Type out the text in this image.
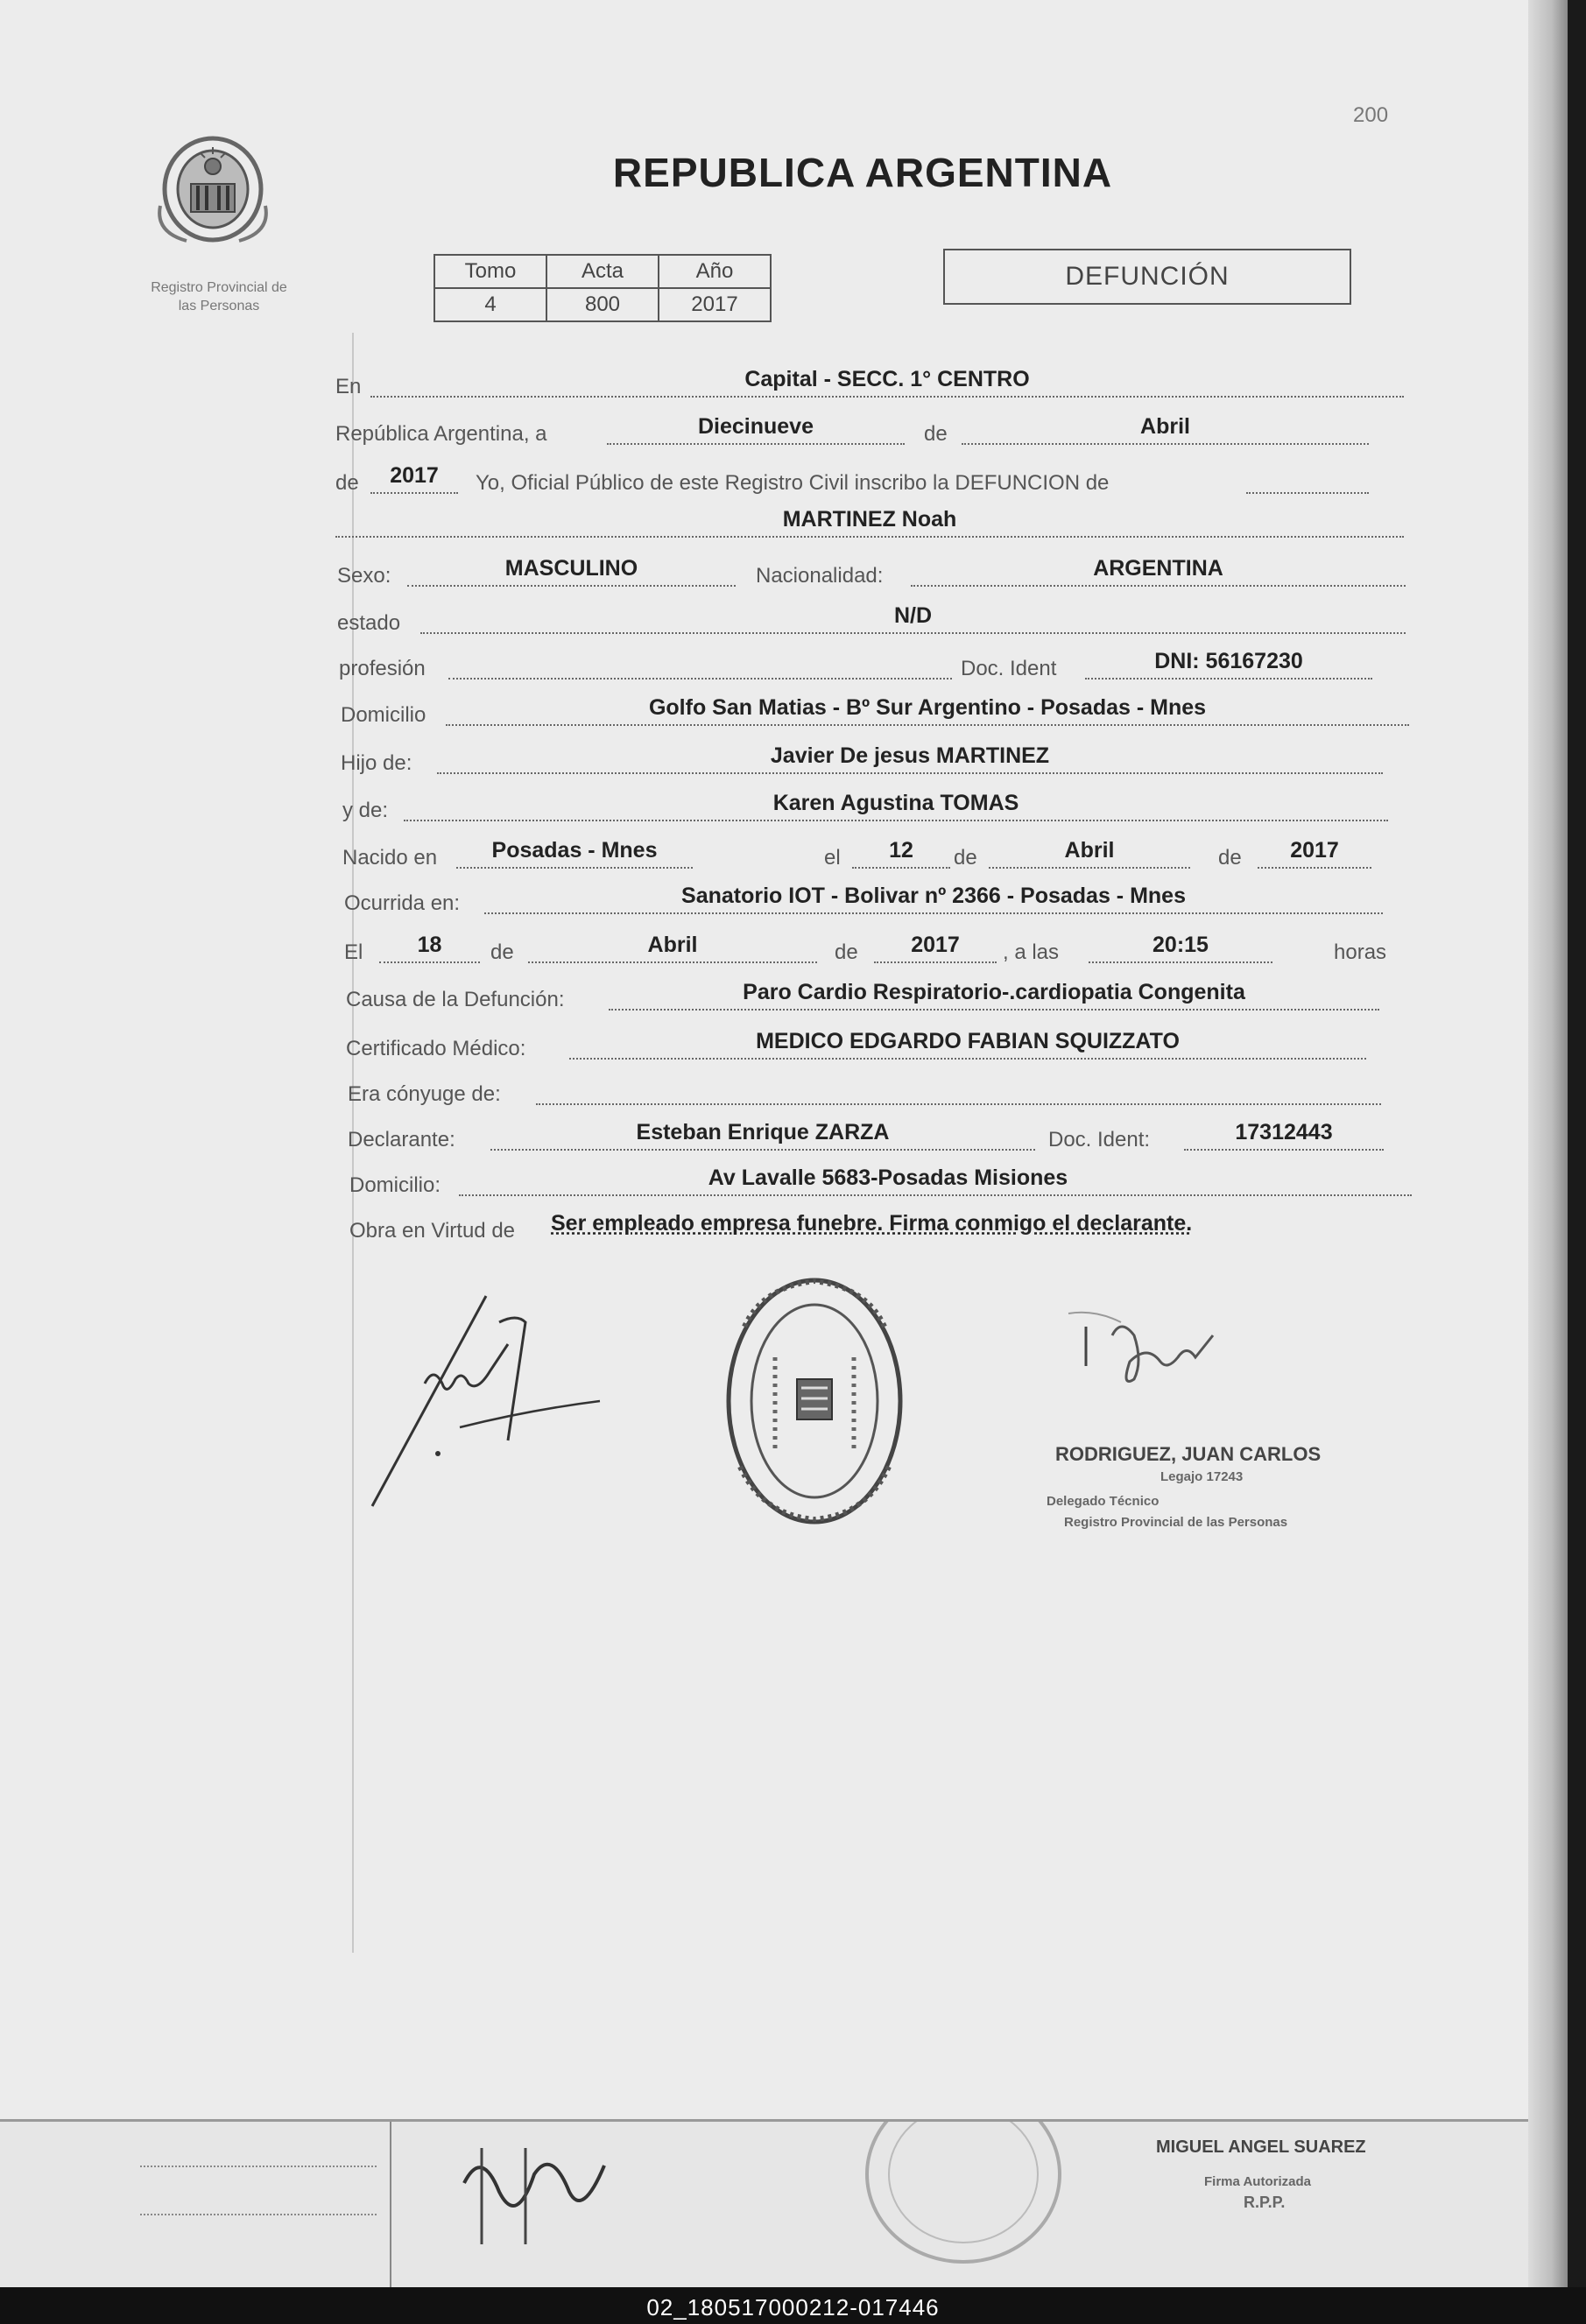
200
Registro Provincial de
las Personas
REPUBLICA ARGENTINA
Tomo	Acta	Año
4	800	2017
DEFUNCIÓN
En	Capital - SECC. 1° CENTRO
República Argentina, a	Diecinueve	de	Abril
de	2017	Yo, Oficial Público de este Registro Civil inscribo la DEFUNCION de
MARTINEZ Noah
Sexo:	MASCULINO	Nacionalidad:	ARGENTINA
estado	N/D
profesión	Doc. Ident	DNI: 56167230
Domicilio	Golfo San Matias - Bº Sur Argentino - Posadas - Mnes
Hijo de:	Javier De jesus MARTINEZ
y de:	Karen Agustina TOMAS
Nacido en	Posadas - Mnes	el	12	de	Abril	de	2017
Ocurrida en:	Sanatorio IOT - Bolivar nº 2366 - Posadas - Mnes
El	18	de	Abril	de	2017	, a las	20:15	horas
Causa de la Defunción:	Paro Cardio Respiratorio-.cardiopatia Congenita
Certificado Médico:	MEDICO EDGARDO FABIAN SQUIZZATO
Era cónyuge de:
Declarante:	Esteban Enrique ZARZA	Doc. Ident:	17312443
Domicilio:	Av Lavalle 5683-Posadas Misiones
Obra en Virtud de Ser empleado empresa funebre. Firma conmigo el declarante.
RODRIGUEZ, JUAN CARLOS
Legajo 17243
Delegado Técnico
Registro Provincial de las Personas
MIGUEL ANGEL SUAREZ
Firma Autorizada
R.P.P.
02_180517000212-017446
